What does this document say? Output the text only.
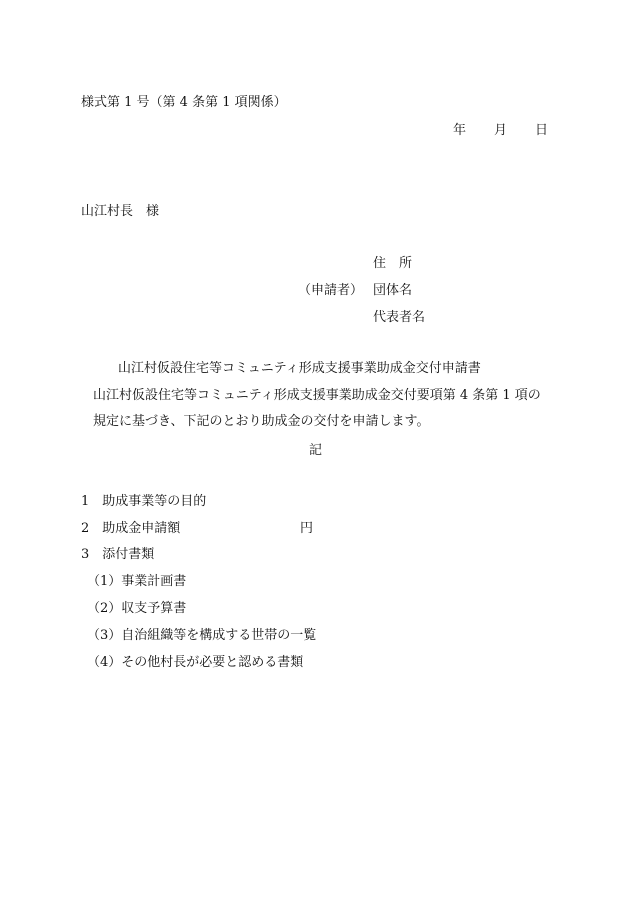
様式第 1 号（第 4 条第 1 項関係）
年 月 日
山江村長　様
住　所
（申請者） 団体名
代表者名
山江村仮設住宅等コミュニティ形成支援事業助成金交付申請書
山江村仮設住宅等コミュニティ形成支援事業助成金交付要項第 4 条第 1 項の
規定に基づき、下記のとおり助成金の交付を申請します。
記
1　助成事業等の目的
2　助成金申請額	円
3　添付書類
（1）事業計画書
（2）収支予算書
（3）自治組織等を構成する世帯の一覧
（4）その他村長が必要と認める書類
